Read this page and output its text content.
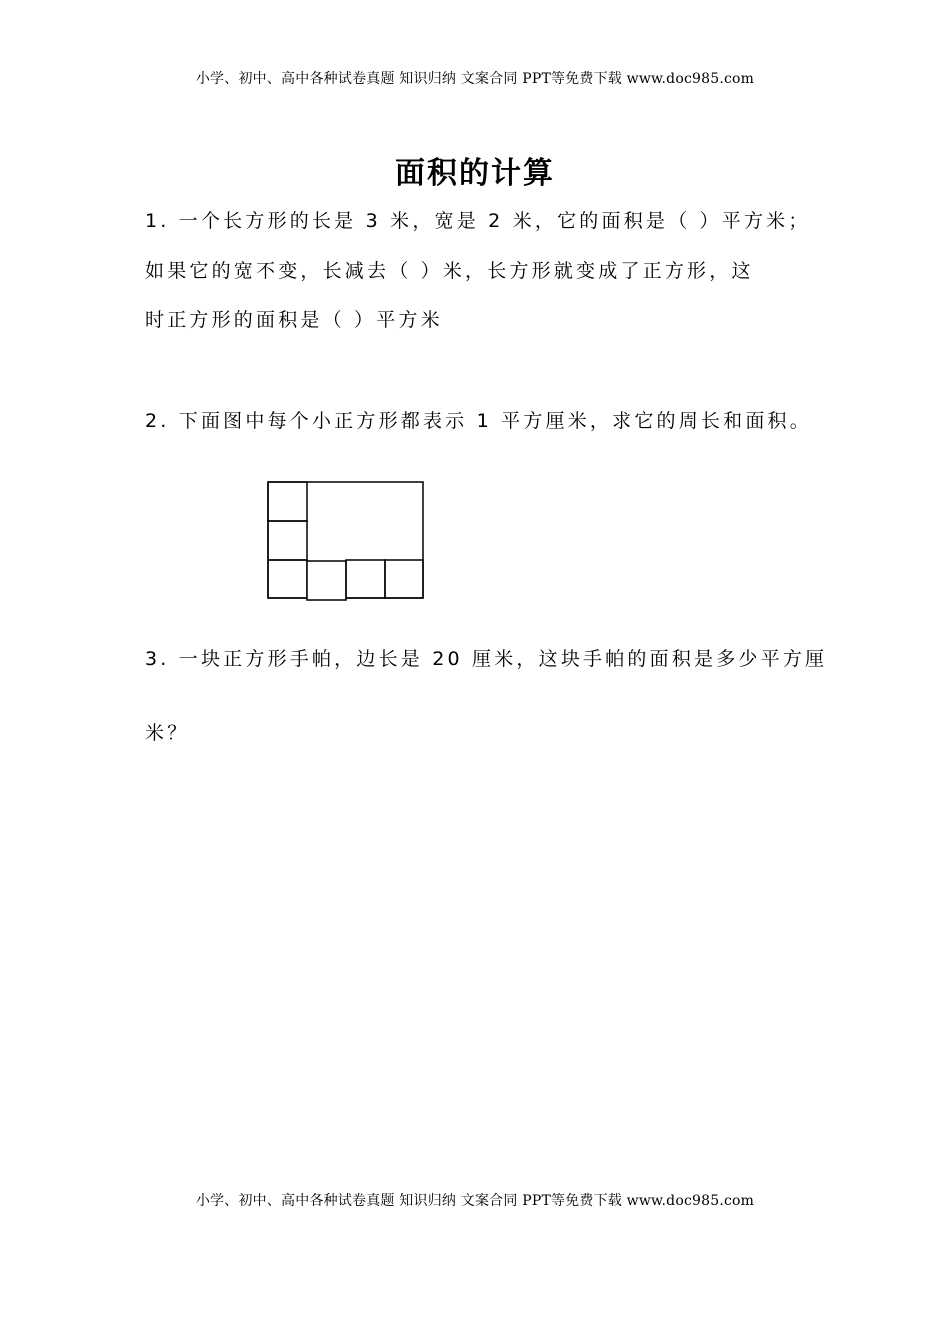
小学、初中、高中各种试卷真题 知识归纳 文案合同 PPT等免费下载 www.doc985.com
面积的计算
1. 一个长方形的长是 3 米，宽是 2 米，它的面积是（ ）平方米；
如果它的宽不变，长减去（ ）米，长方形就变成了正方形，这
时正方形的面积是（ ）平方米
2. 下面图中每个小正方形都表示 1 平方厘米，求它的周长和面积。
3. 一块正方形手帕，边长是 20 厘米，这块手帕的面积是多少平方厘
米？
小学、初中、高中各种试卷真题 知识归纳 文案合同 PPT等免费下载 www.doc985.com
